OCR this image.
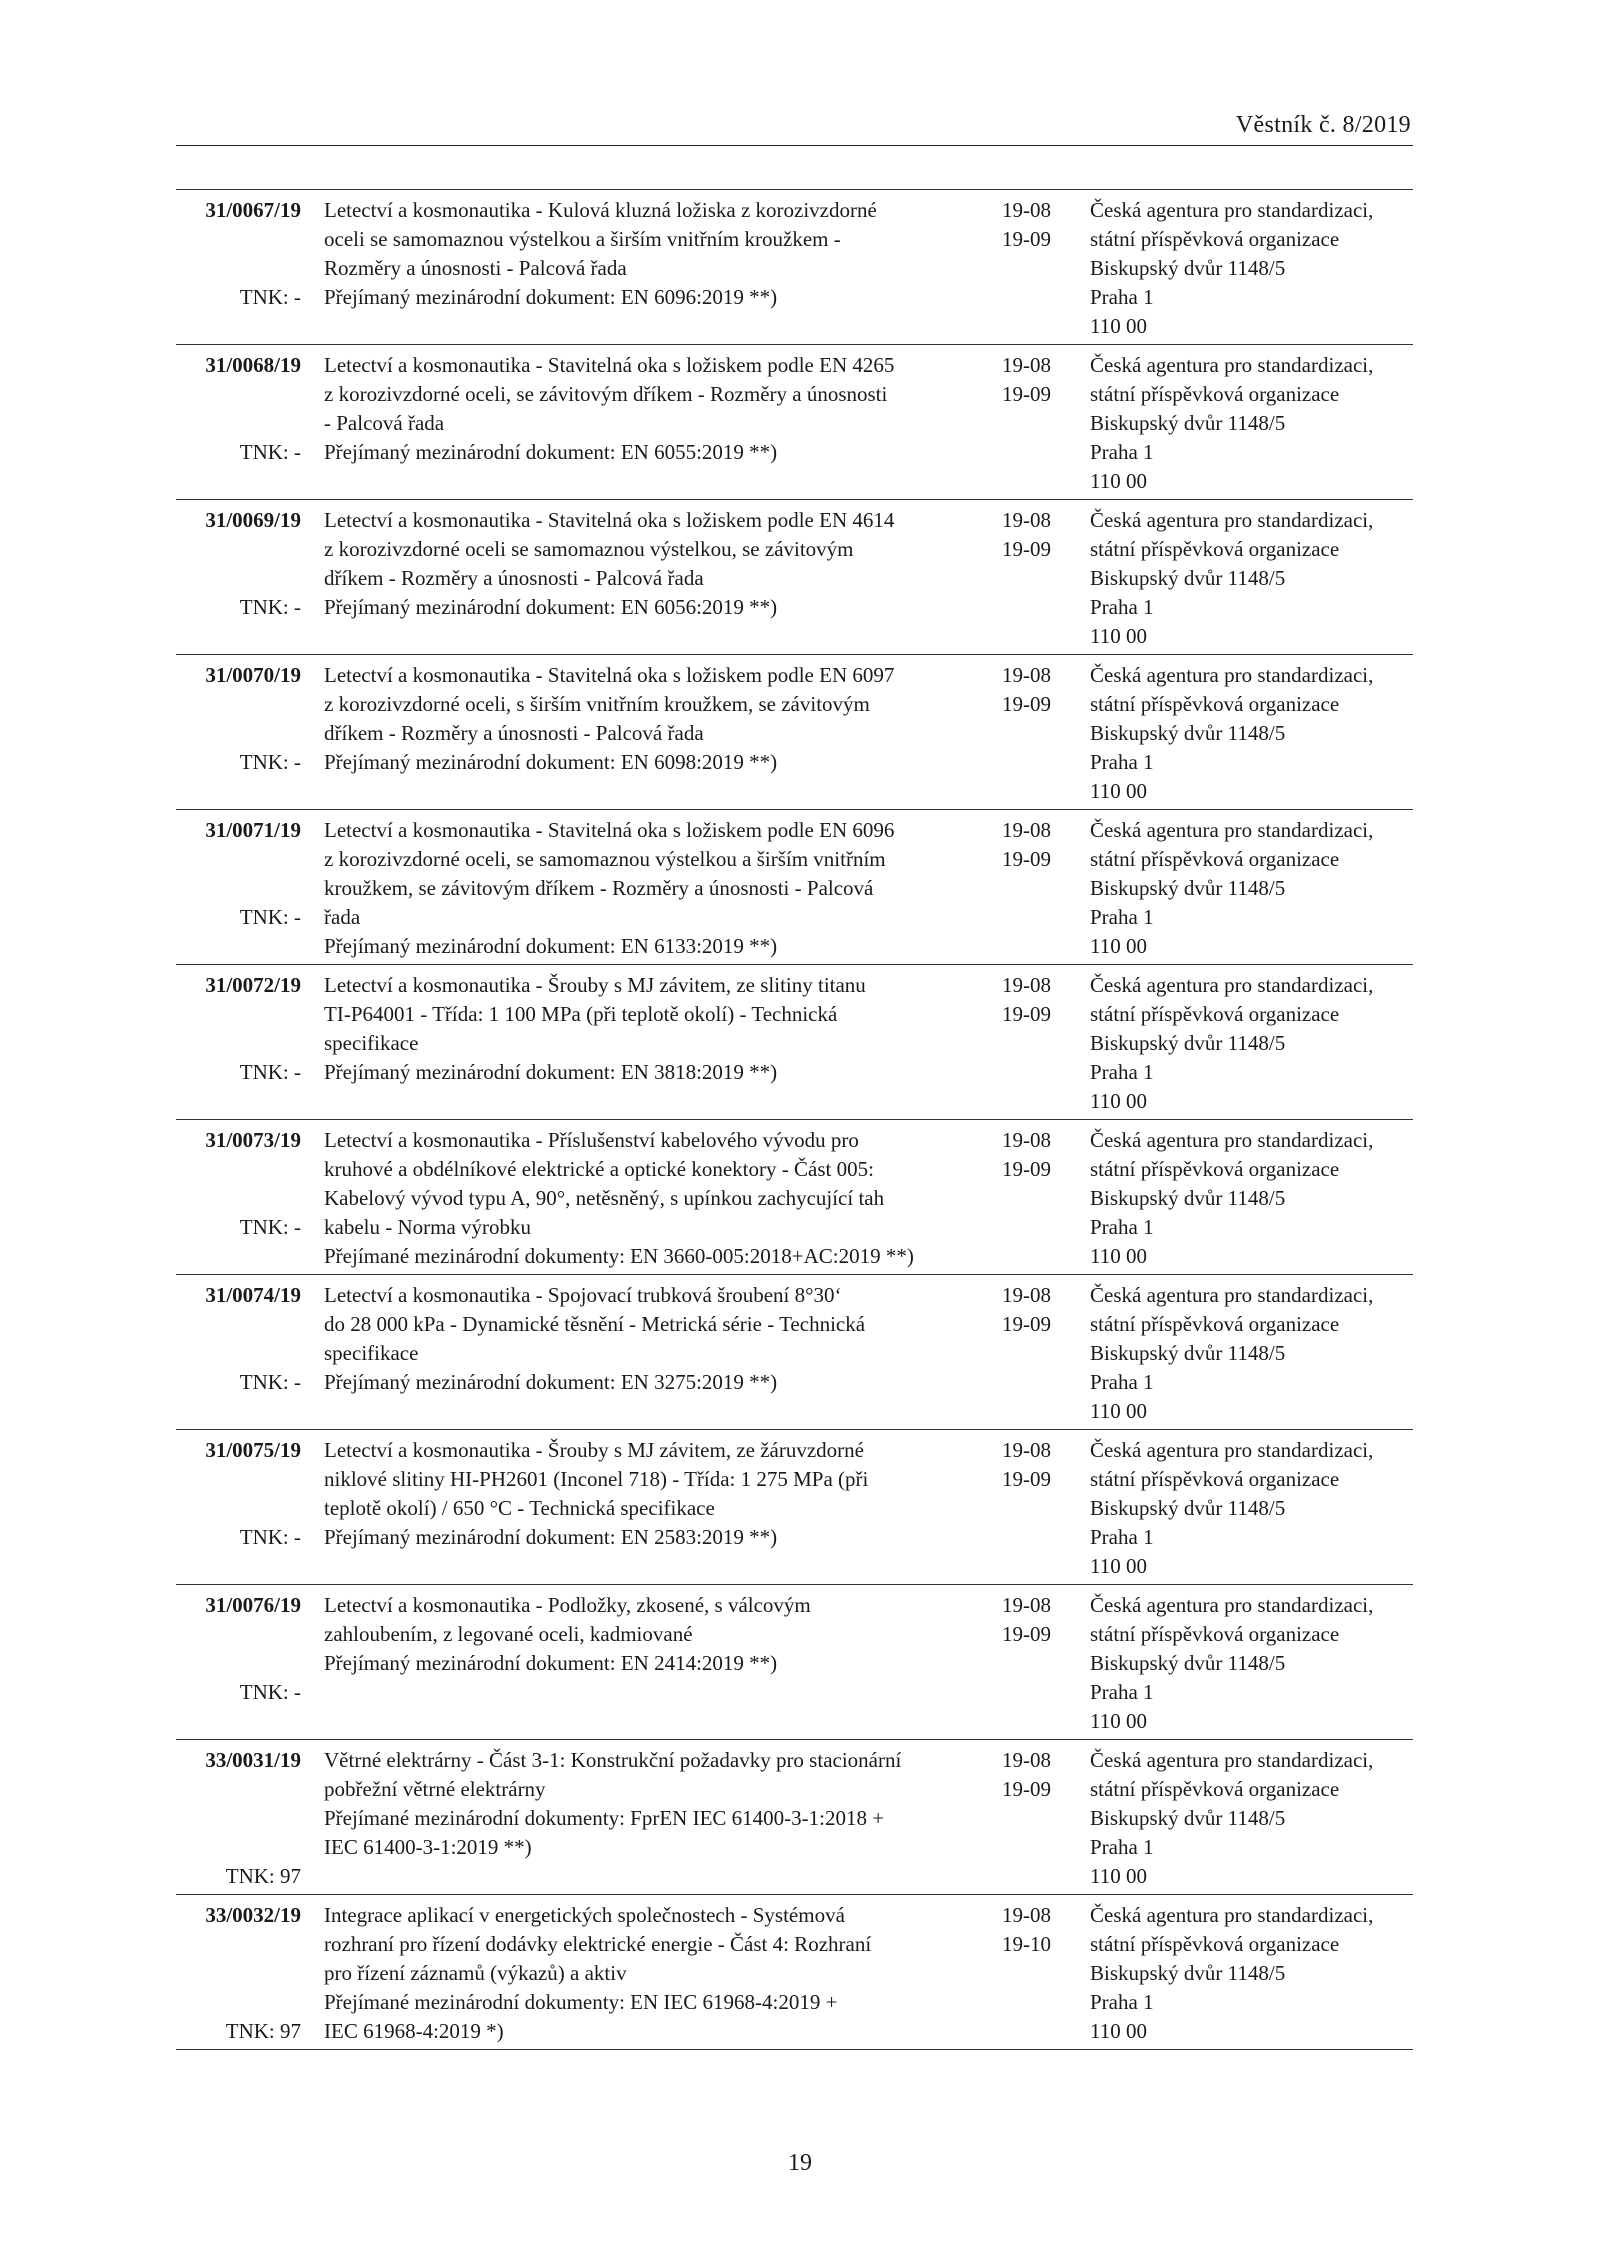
Věstník č. 8/2019
31/0067/19
TNK: -
Letectví a kosmonautika - Kulová kluzná ložiska z korozivzdorné
oceli se samomaznou výstelkou a širším vnitřním kroužkem -
Rozměry a únosnosti - Palcová řada
Přejímaný mezinárodní dokument: EN 6096:2019 **)
19-08
19-09
Česká agentura pro standardizaci,
státní příspěvková organizace
Biskupský dvůr 1148/5
Praha 1
110 00
31/0068/19
TNK: -
Letectví a kosmonautika - Stavitelná oka s ložiskem podle EN 4265
z korozivzdorné oceli, se závitovým dříkem - Rozměry a únosnosti
- Palcová řada
Přejímaný mezinárodní dokument: EN 6055:2019 **)
19-08
19-09
Česká agentura pro standardizaci,
státní příspěvková organizace
Biskupský dvůr 1148/5
Praha 1
110 00
31/0069/19
TNK: -
Letectví a kosmonautika - Stavitelná oka s ložiskem podle EN 4614
z korozivzdorné oceli se samomaznou výstelkou, se závitovým
dříkem - Rozměry a únosnosti - Palcová řada
Přejímaný mezinárodní dokument: EN 6056:2019 **)
19-08
19-09
Česká agentura pro standardizaci,
státní příspěvková organizace
Biskupský dvůr 1148/5
Praha 1
110 00
31/0070/19
TNK: -
Letectví a kosmonautika - Stavitelná oka s ložiskem podle EN 6097
z korozivzdorné oceli, s širším vnitřním kroužkem, se závitovým
dříkem - Rozměry a únosnosti - Palcová řada
Přejímaný mezinárodní dokument: EN 6098:2019 **)
19-08
19-09
Česká agentura pro standardizaci,
státní příspěvková organizace
Biskupský dvůr 1148/5
Praha 1
110 00
31/0071/19
TNK: -
Letectví a kosmonautika - Stavitelná oka s ložiskem podle EN 6096
z korozivzdorné oceli, se samomaznou výstelkou a širším vnitřním
kroužkem, se závitovým dříkem - Rozměry a únosnosti - Palcová
řada
Přejímaný mezinárodní dokument: EN 6133:2019 **)
19-08
19-09
Česká agentura pro standardizaci,
státní příspěvková organizace
Biskupský dvůr 1148/5
Praha 1
110 00
31/0072/19
TNK: -
Letectví a kosmonautika - Šrouby s MJ závitem, ze slitiny titanu
TI-P64001 - Třída: 1 100 MPa (při teplotě okolí) - Technická
specifikace
Přejímaný mezinárodní dokument: EN 3818:2019 **)
19-08
19-09
Česká agentura pro standardizaci,
státní příspěvková organizace
Biskupský dvůr 1148/5
Praha 1
110 00
31/0073/19
TNK: -
Letectví a kosmonautika - Příslušenství kabelového vývodu pro
kruhové a obdélníkové elektrické a optické konektory - Část 005:
Kabelový vývod typu A, 90°, netěsněný, s upínkou zachycující tah
kabelu - Norma výrobku
Přejímané mezinárodní dokumenty: EN 3660-005:2018+AC:2019 **)
19-08
19-09
Česká agentura pro standardizaci,
státní příspěvková organizace
Biskupský dvůr 1148/5
Praha 1
110 00
31/0074/19
TNK: -
Letectví a kosmonautika - Spojovací trubková šroubení 8°30‘
do 28 000 kPa - Dynamické těsnění - Metrická série - Technická
specifikace
Přejímaný mezinárodní dokument: EN 3275:2019 **)
19-08
19-09
Česká agentura pro standardizaci,
státní příspěvková organizace
Biskupský dvůr 1148/5
Praha 1
110 00
31/0075/19
TNK: -
Letectví a kosmonautika - Šrouby s MJ závitem, ze žáruvzdorné
niklové slitiny HI-PH2601 (Inconel 718) - Třída: 1 275 MPa (při
teplotě okolí) / 650 °C - Technická specifikace
Přejímaný mezinárodní dokument: EN 2583:2019 **)
19-08
19-09
Česká agentura pro standardizaci,
státní příspěvková organizace
Biskupský dvůr 1148/5
Praha 1
110 00
31/0076/19
TNK: -
Letectví a kosmonautika - Podložky, zkosené, s válcovým
zahloubením, z legované oceli, kadmiované
Přejímaný mezinárodní dokument: EN 2414:2019 **)
19-08
19-09
Česká agentura pro standardizaci,
státní příspěvková organizace
Biskupský dvůr 1148/5
Praha 1
110 00
33/0031/19
TNK: 97
Větrné elektrárny - Část 3-1: Konstrukční požadavky pro stacionární
pobřežní větrné elektrárny
Přejímané mezinárodní dokumenty: FprEN IEC 61400-3-1:2018 +
IEC 61400-3-1:2019 **)
19-08
19-09
Česká agentura pro standardizaci,
státní příspěvková organizace
Biskupský dvůr 1148/5
Praha 1
110 00
33/0032/19
TNK: 97
Integrace aplikací v energetických společnostech - Systémová
rozhraní pro řízení dodávky elektrické energie - Část 4: Rozhraní
pro řízení záznamů (výkazů) a aktiv
Přejímané mezinárodní dokumenty: EN IEC 61968-4:2019 +
IEC 61968-4:2019 *)
19-08
19-10
Česká agentura pro standardizaci,
státní příspěvková organizace
Biskupský dvůr 1148/5
Praha 1
110 00
19
